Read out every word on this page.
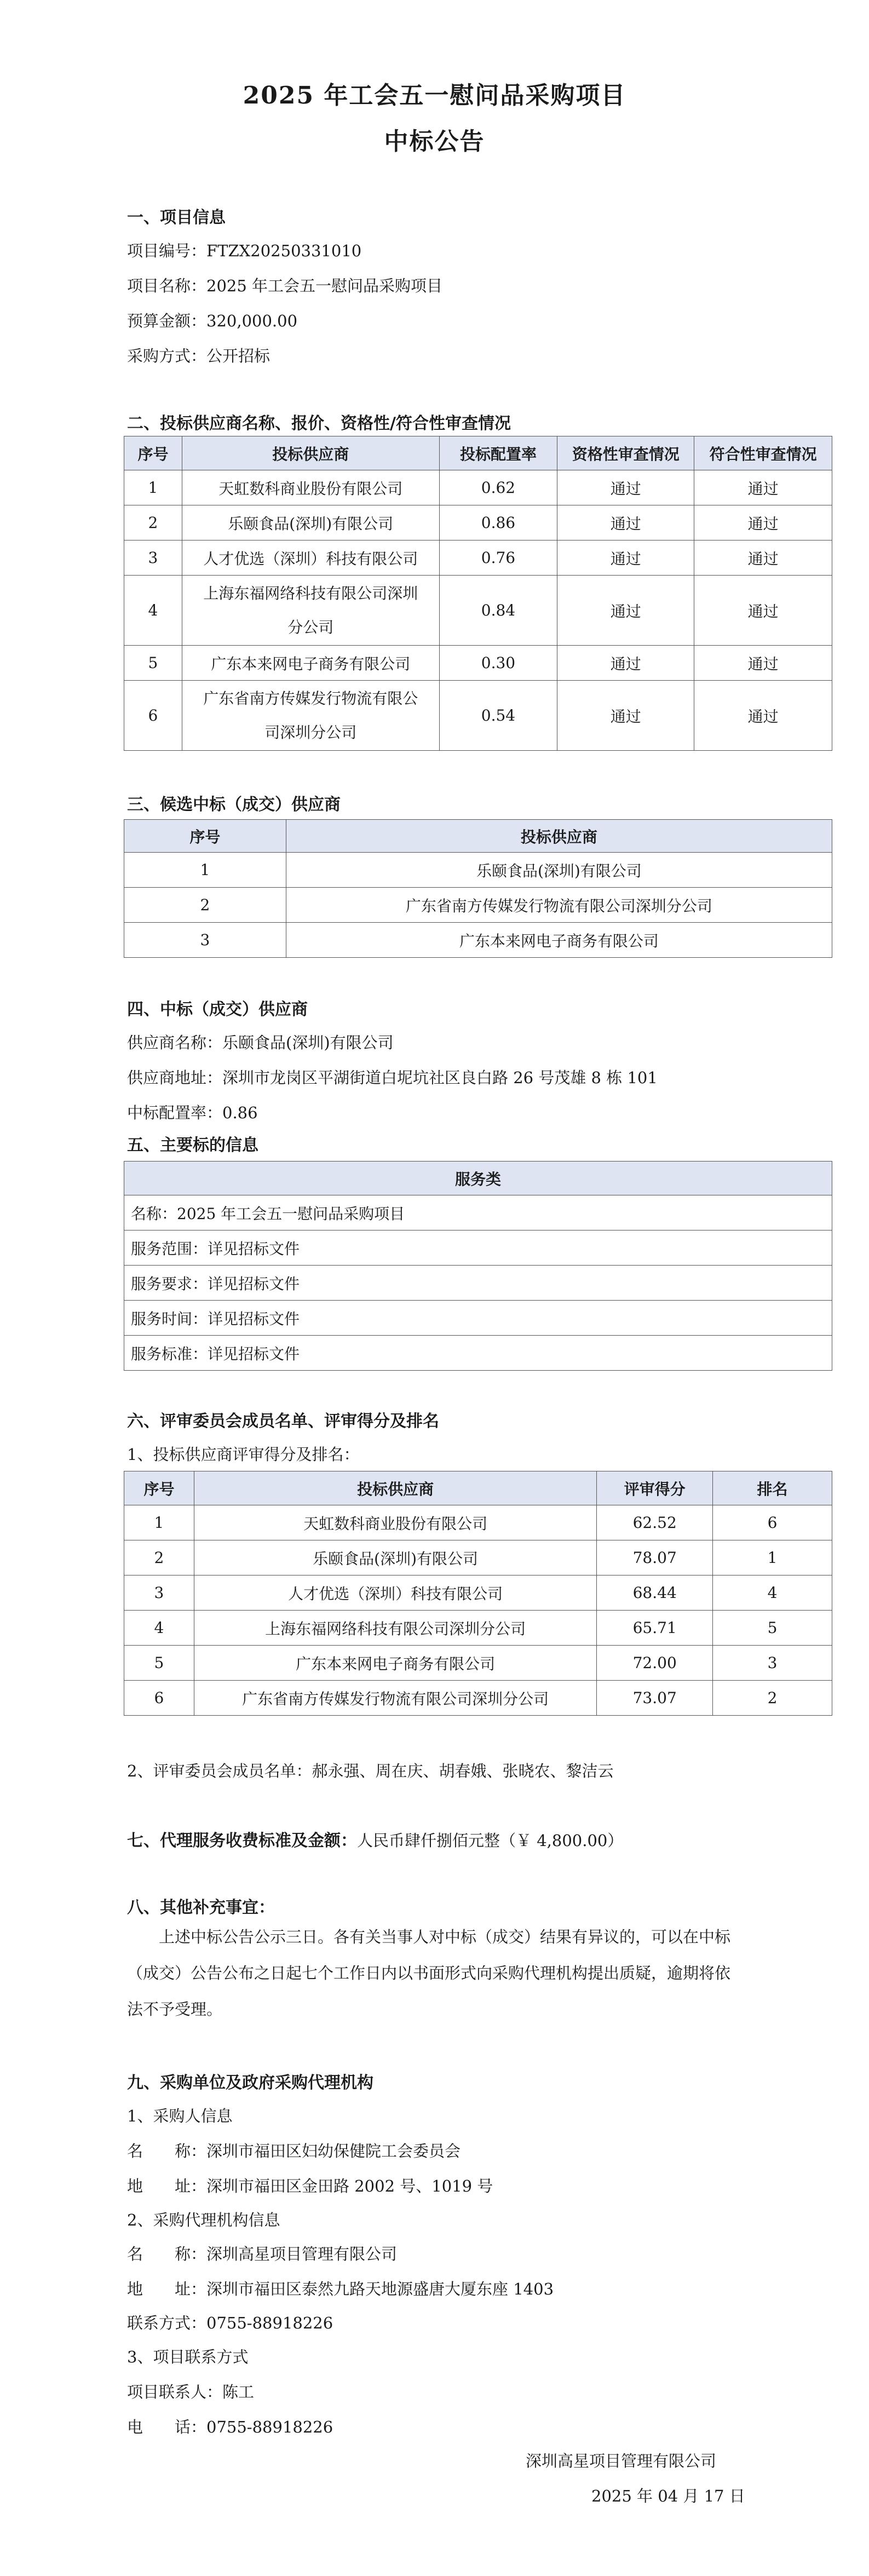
2025 年工会五一慰问品采购项目
中标公告
一、项目信息
项目编号：FTZX20250331010
项目名称：2025 年工会五一慰问品采购项目
预算金额：320,000.00
采购方式：公开招标
二、投标供应商名称、报价、资格性/符合性审查情况
序号	投标供应商	投标配置率	资格性审查情况	符合性审查情况
1	天虹数科商业股份有限公司	0.62	通过	通过
2	乐颐食品(深圳)有限公司	0.86	通过	通过
3	人才优选（深圳）科技有限公司	0.76	通过	通过
4	上海东福网络科技有限公司深圳
分公司	0.84	通过	通过
5	广东本来网电子商务有限公司	0.30	通过	通过
6	广东省南方传媒发行物流有限公
司深圳分公司	0.54	通过	通过
三、候选中标（成交）供应商
序号	投标供应商
1	乐颐食品(深圳)有限公司
2	广东省南方传媒发行物流有限公司深圳分公司
3	广东本来网电子商务有限公司
四、中标（成交）供应商
供应商名称：乐颐食品(深圳)有限公司
供应商地址：深圳市龙岗区平湖街道白坭坑社区良白路 26 号茂雄 8 栋 101
中标配置率：0.86
五、主要标的信息
服务类
名称：2025 年工会五一慰问品采购项目
服务范围：详见招标文件
服务要求：详见招标文件
服务时间：详见招标文件
服务标准：详见招标文件
六、评审委员会成员名单、评审得分及排名
1、投标供应商评审得分及排名：
序号	投标供应商	评审得分	排名
1	天虹数科商业股份有限公司	62.52	6
2	乐颐食品(深圳)有限公司	78.07	1
3	人才优选（深圳）科技有限公司	68.44	4
4	上海东福网络科技有限公司深圳分公司	65.71	5
5	广东本来网电子商务有限公司	72.00	3
6	广东省南方传媒发行物流有限公司深圳分公司	73.07	2
2、评审委员会成员名单：郝永强、周在庆、胡春娥、张晓农、黎洁云
七、代理服务收费标准及金额：人民币肆仟捌佰元整（￥ 4,800.00）
八、其他补充事宜：
上述中标公告公示三日。各有关当事人对中标（成交）结果有异议的，可以在中标（成交）公告公布之日起七个工作日内以书面形式向采购代理机构提出质疑，逾期将依法不予受理。
九、采购单位及政府采购代理机构
1、采购人信息
名　　称：深圳市福田区妇幼保健院工会委员会
地　　址：深圳市福田区金田路 2002 号、1019 号
2、采购代理机构信息
名　　称：深圳高星项目管理有限公司
地　　址：深圳市福田区泰然九路天地源盛唐大厦东座 1403
联系方式：0755-88918226
3、项目联系方式
项目联系人：陈工
电　　话：0755-88918226
深圳高星项目管理有限公司
2025 年 04 月 17 日
